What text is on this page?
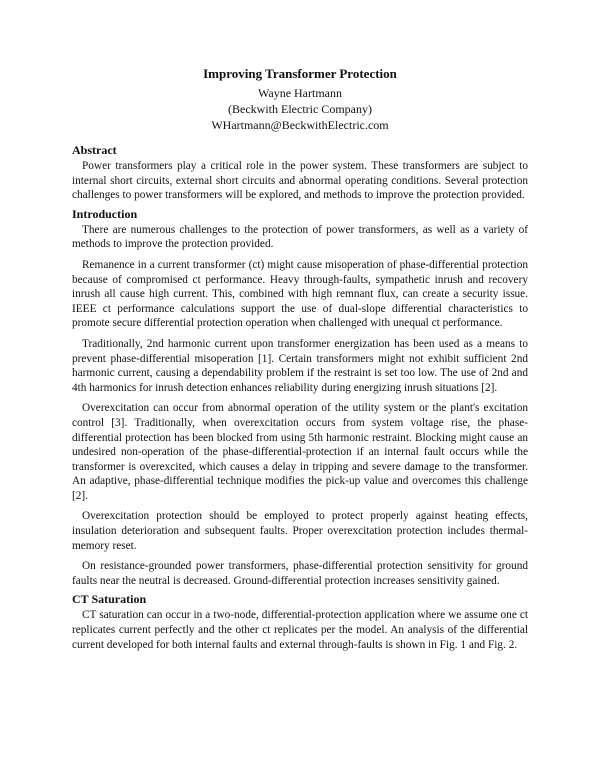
Improving Transformer Protection
Wayne Hartmann
(Beckwith Electric Company)
WHartmann@BeckwithElectric.com
Abstract

Power transformers play a critical role in the power system. These transformers are subject to internal short circuits, external short circuits and abnormal operating conditions. Several protection challenges to power transformers will be explored, and methods to improve the protection provided.

Introduction

There are numerous challenges to the protection of power transformers, as well as a variety of methods to improve the protection provided.

Remanence in a current transformer (ct) might cause misoperation of phase-differential protection because of compromised ct performance. Heavy through-faults, sympathetic inrush and recovery inrush all cause high current. This, combined with high remnant flux, can create a security issue. IEEE ct performance calculations support the use of dual-slope differential characteristics to promote secure differential protection operation when challenged with unequal ct performance.

Traditionally, 2nd harmonic current upon transformer energization has been used as a means to prevent phase-differential misoperation [1]. Certain transformers might not exhibit sufficient 2nd harmonic current, causing a dependability problem if the restraint is set too low. The use of 2nd and 4th harmonics for inrush detection enhances reliability during energizing inrush situations [2].

Overexcitation can occur from abnormal operation of the utility system or the plant's excitation control [3]. Traditionally, when overexcitation occurs from system voltage rise, the phase-differential protection has been blocked from using 5th harmonic restraint. Blocking might cause an undesired non-operation of the phase-differential-protection if an internal fault occurs while the transformer is overexcited, which causes a delay in tripping and severe damage to the transformer. An adaptive, phase-differential technique modifies the pick-up value and overcomes this challenge [2].

Overexcitation protection should be employed to protect properly against heating effects, insulation deterioration and subsequent faults. Proper overexcitation protection includes thermal-memory reset.

On resistance-grounded power transformers, phase-differential protection sensitivity for ground faults near the neutral is decreased. Ground-differential protection increases sensitivity gained.

CT Saturation

CT saturation can occur in a two-node, differential-protection application where we assume one ct replicates current perfectly and the other ct replicates per the model. An analysis of the differential current developed for both internal faults and external through-faults is shown in Fig. 1 and Fig. 2.
